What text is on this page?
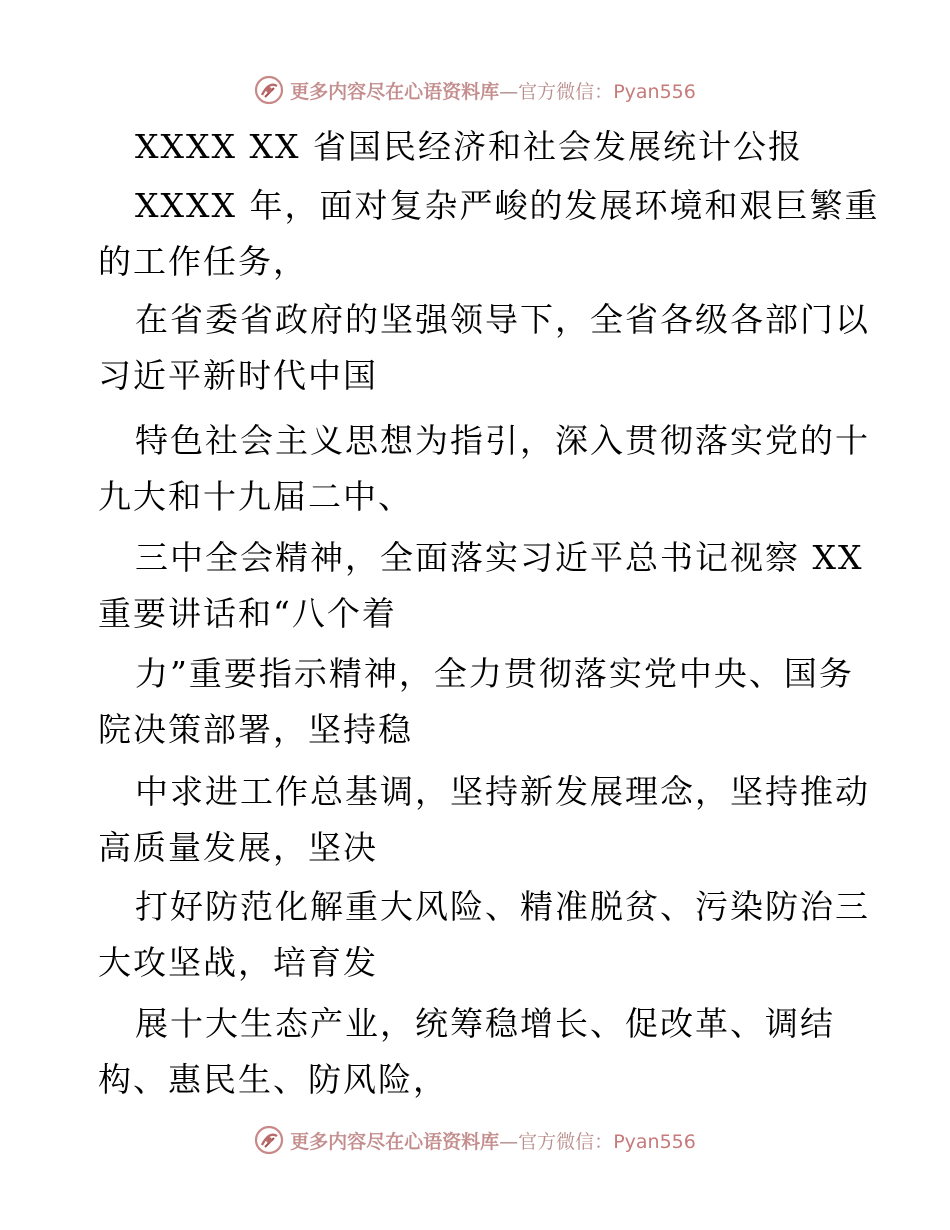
更多内容尽在心语资料库—官方微信：Pyan556
XXXX XX 省国民经济和社会发展统计公报
XXXX 年，面对复杂严峻的发展环境和艰巨繁重
的工作任务，
在省委省政府的坚强领导下，全省各级各部门以
习近平新时代中国
特色社会主义思想为指引，深入贯彻落实党的十
九大和十九届二中、
三中全会精神，全面落实习近平总书记视察 XX
重要讲话和“八个着
力”重要指示精神，全力贯彻落实党中央、国务
院决策部署，坚持稳
中求进工作总基调，坚持新发展理念，坚持推动
高质量发展，坚决
打好防范化解重大风险、精准脱贫、污染防治三
大攻坚战，培育发
展十大生态产业，统筹稳增长、促改革、调结
构、惠民生、防风险，
更多内容尽在心语资料库—官方微信：Pyan556
